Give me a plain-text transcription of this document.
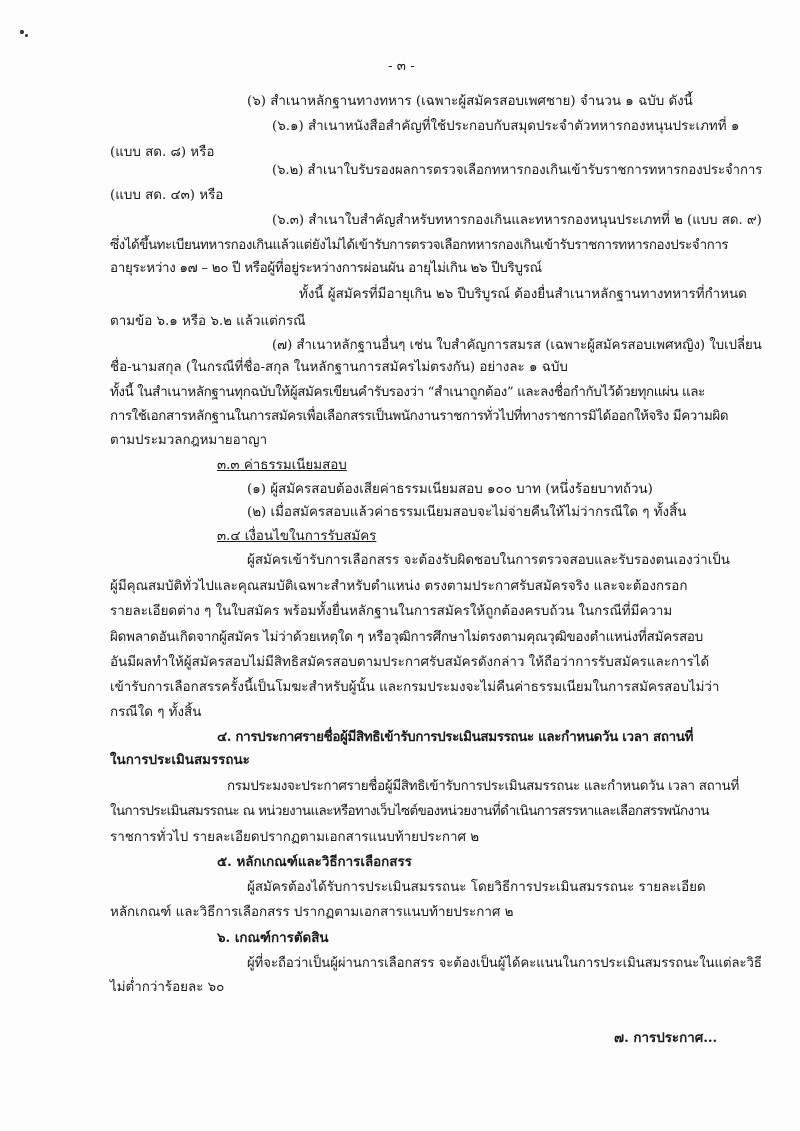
- ๓ -
(๖) สำเนาหลักฐานทางทหาร (เฉพาะผู้สมัครสอบเพศชาย) จำนวน ๑ ฉบับ ดังนี้
(๖.๑) สำเนาหนังสือสำคัญที่ใช้ประกอบกับสมุดประจำตัวทหารกองหนุนประเภทที่ ๑
(แบบ สด. ๘) หรือ
(๖.๒) สำเนาใบรับรองผลการตรวจเลือกทหารกองเกินเข้ารับราชการทหารกองประจำการ
(แบบ สด. ๔๓) หรือ
(๖.๓) สำเนาใบสำคัญสำหรับทหารกองเกินและทหารกองหนุนประเภทที่ ๒ (แบบ สด. ๙)
ซึ่งได้ขึ้นทะเบียนทหารกองเกินแล้วแต่ยังไม่ได้เข้ารับการตรวจเลือกทหารกองเกินเข้ารับราชการทหารกองประจำการ
อายุระหว่าง ๑๗ – ๒๐ ปี หรือผู้ที่อยู่ระหว่างการผ่อนผัน อายุไม่เกิน ๒๖ ปีบริบูรณ์
ทั้งนี้ ผู้สมัครที่มีอายุเกิน ๒๖ ปีบริบูรณ์ ต้องยื่นสำเนาหลักฐานทางทหารที่กำหนด
ตามข้อ ๖.๑ หรือ ๖.๒ แล้วแต่กรณี
(๗) สำเนาหลักฐานอื่นๆ เช่น ใบสำคัญการสมรส (เฉพาะผู้สมัครสอบเพศหญิง) ใบเปลี่ยน
ชื่อ-นามสกุล (ในกรณีที่ชื่อ-สกุล ในหลักฐานการสมัครไม่ตรงกัน) อย่างละ ๑ ฉบับ
ทั้งนี้ ในสำเนาหลักฐานทุกฉบับให้ผู้สมัครเขียนคำรับรองว่า “สำเนาถูกต้อง” และลงชื่อกำกับไว้ด้วยทุกแผ่น และ
การใช้เอกสารหลักฐานในการสมัครเพื่อเลือกสรรเป็นพนักงานราชการทั่วไปที่ทางราชการมิได้ออกให้จริง มีความผิด
ตามประมวลกฎหมายอาญา
๓.๓ ค่าธรรมเนียมสอบ
(๑) ผู้สมัครสอบต้องเสียค่าธรรมเนียมสอบ ๑๐๐ บาท (หนึ่งร้อยบาทถ้วน)
(๒) เมื่อสมัครสอบแล้วค่าธรรมเนียมสอบจะไม่จ่ายคืนให้ไม่ว่ากรณีใด ๆ ทั้งสิ้น
๓.๔ เงื่อนไขในการรับสมัคร
ผู้สมัครเข้ารับการเลือกสรร จะต้องรับผิดชอบในการตรวจสอบและรับรองตนเองว่าเป็น
ผู้มีคุณสมบัติทั่วไปและคุณสมบัติเฉพาะสำหรับตำแหน่ง ตรงตามประกาศรับสมัครจริง และจะต้องกรอก
รายละเอียดต่าง ๆ ในใบสมัคร พร้อมทั้งยื่นหลักฐานในการสมัครให้ถูกต้องครบถ้วน ในกรณีที่มีความ
ผิดพลาดอันเกิดจากผู้สมัคร ไม่ว่าด้วยเหตุใด ๆ หรือวุฒิการศึกษาไม่ตรงตามคุณวุฒิของตำแหน่งที่สมัครสอบ
อันมีผลทำให้ผู้สมัครสอบไม่มีสิทธิสมัครสอบตามประกาศรับสมัครดังกล่าว ให้ถือว่าการรับสมัครและการได้
เข้ารับการเลือกสรรครั้งนี้เป็นโมฆะสำหรับผู้นั้น และกรมประมงจะไม่คืนค่าธรรมเนียมในการสมัครสอบไม่ว่า
กรณีใด ๆ ทั้งสิ้น
๔. การประกาศรายชื่อผู้มีสิทธิเข้ารับการประเมินสมรรถนะ และกำหนดวัน เวลา สถานที่
ในการประเมินสมรรถนะ
กรมประมงจะประกาศรายชื่อผู้มีสิทธิเข้ารับการประเมินสมรรถนะ และกำหนดวัน เวลา สถานที่
ในการประเมินสมรรถนะ ณ หน่วยงานและหรือทางเว็บไซต์ของหน่วยงานที่ดำเนินการสรรหาและเลือกสรรพนักงาน
ราชการทั่วไป รายละเอียดปรากฏตามเอกสารแนบท้ายประกาศ ๒
๕. หลักเกณฑ์และวิธีการเลือกสรร
ผู้สมัครต้องได้รับการประเมินสมรรถนะ โดยวิธีการประเมินสมรรถนะ รายละเอียด
หลักเกณฑ์ และวิธีการเลือกสรร ปรากฏตามเอกสารแนบท้ายประกาศ ๒
๖. เกณฑ์การตัดสิน
ผู้ที่จะถือว่าเป็นผู้ผ่านการเลือกสรร จะต้องเป็นผู้ได้คะแนนในการประเมินสมรรถนะในแต่ละวิธี
ไม่ต่ำกว่าร้อยละ ๖๐
๗. การประกาศ...
